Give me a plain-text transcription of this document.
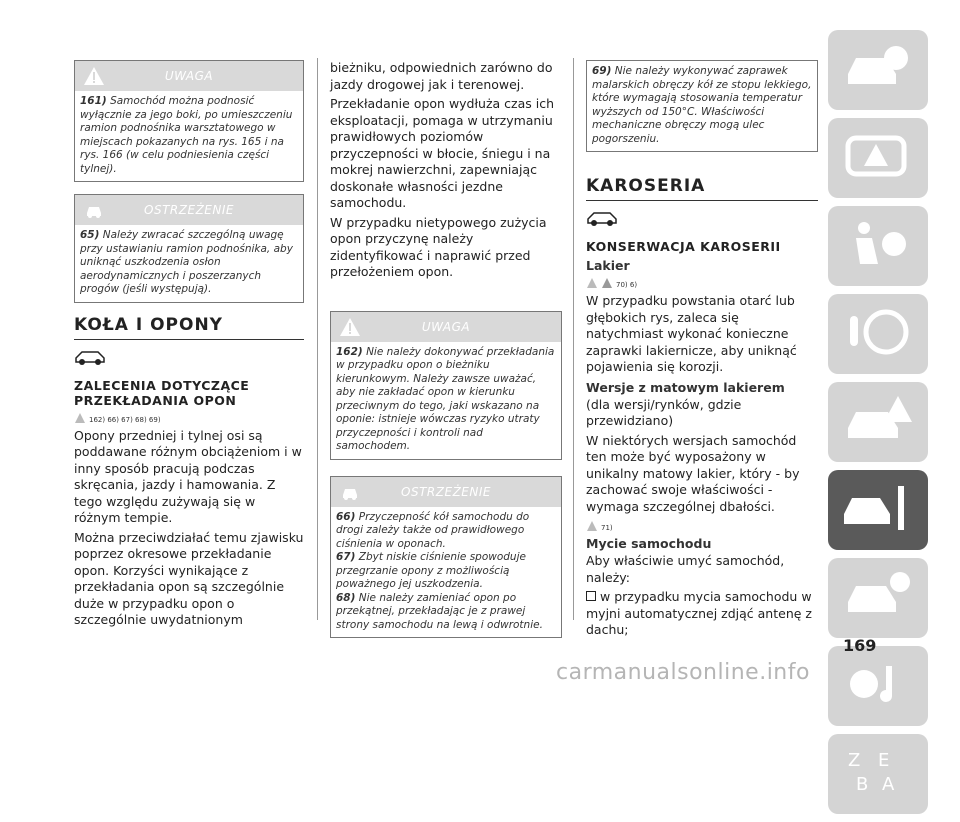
UWAGA
161) Samochód można podnosić wyłącznie za jego boki, po umieszczeniu ramion podnośnika warsztatowego w miejscach pokazanych na rys. 165 i na rys. 166 (w celu podniesienia części tylnej).
OSTRZEŻENIE
65) Należy zwracać szczególną uwagę przy ustawianiu ramion podnośnika, aby uniknąć uszkodzenia osłon aerodynamicznych i poszerzanych progów (jeśli występują).
KOŁA I OPONY
ZALECENIA DOTYCZĄCE PRZEKŁADANIA OPON
162) 66) 67) 68) 69)

Opony przedniej i tylnej osi są poddawane różnym obciążeniom i w inny sposób pracują podczas skręcania, jazdy i hamowania. Z tego względu zużywają się w różnym tempie.

Można przeciwdziałać temu zjawisku poprzez okresowe przekładanie opon. Korzyści wynikające z przekładania opon są szczególnie duże w przypadku opon o szczególnie uwydatnionym

bieżniku, odpowiednich zarówno do jazdy drogowej jak i terenowej.

Przekładanie opon wydłuża czas ich eksploatacji, pomaga w utrzymaniu prawidłowych poziomów przyczepności w błocie, śniegu i na mokrej nawierzchni, zapewniając doskonałe własności jezdne samochodu.

W przypadku nietypowego zużycia opon przyczynę należy zidentyfikować i naprawić przed przełożeniem opon.

UWAGA
162) Nie należy dokonywać przekładania w przypadku opon o bieżniku kierunkowym. Należy zawsze uważać, aby nie zakładać opon w kierunku przeciwnym do tego, jaki wskazano na oponie: istnieje wówczas ryzyko utraty przyczepności i kontroli nad samochodem.
OSTRZEŻENIE
66) Przyczepność kół samochodu do drogi zależy także od prawidłowego ciśnienia w oponach.
67) Zbyt niskie ciśnienie spowoduje przegrzanie opony z możliwością poważnego jej uszkodzenia.
68) Nie należy zamieniać opon po przekątnej, przekładając je z prawej strony samochodu na lewą i odwrotnie.
69) Nie należy wykonywać zaprawek malarskich obręczy kół ze stopu lekkiego, które wymagają stosowania temperatur wyższych od 150°C. Właściwości mechaniczne obręczy mogą ulec pogorszeniu.
KAROSERIA
KONSERWACJA KAROSERII
Lakier
70) 6)

W przypadku powstania otarć lub głębokich rys, zaleca się natychmiast wykonać konieczne zaprawki lakiernicze, aby uniknąć pojawienia się korozji.

Wersje z matowym lakierem

(dla wersji/rynków, gdzie przewidziano)

W niektórych wersjach samochód ten może być wyposażony w unikalny matowy lakier, który - by zachować swoje właściwości - wymaga szczególnej dbałości.

71)
Mycie samochodu

Aby właściwie umyć samochód, należy:

w przypadku mycia samochodu w myjni automatycznej zdjąć antenę z dachu;

Z E
B A
169
carmanualsonline.info
